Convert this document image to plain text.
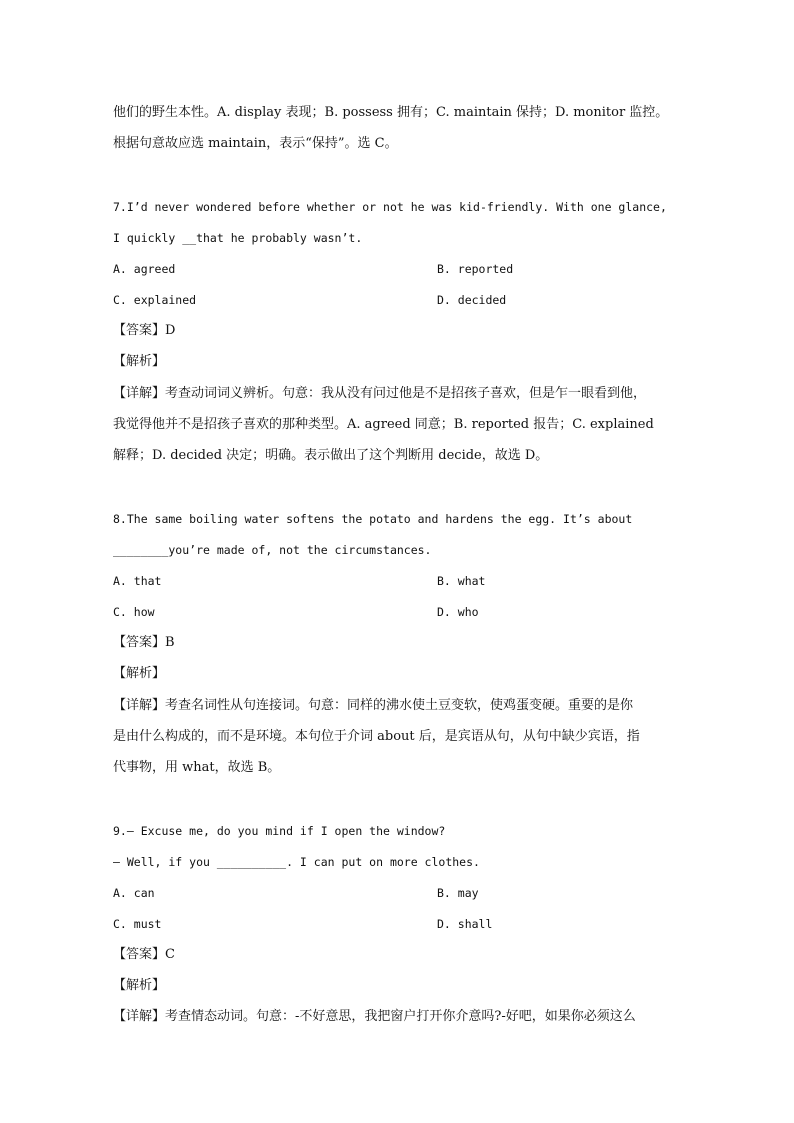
他们的野生本性。A. display 表现；B. possess 拥有；C. maintain 保持；D. monitor 监控。
根据句意故应选 maintain，表示“保持”。选 C。
7.I’d never wondered before whether or not he was kid-friendly. With one glance,
I quickly __that he probably wasn’t.
A. agreed	B. reported
C. explained	D. decided
【答案】D
【解析】
【详解】考查动词词义辨析。句意：我从没有问过他是不是招孩子喜欢，但是乍一眼看到他，
我觉得他并不是招孩子喜欢的那种类型。A. agreed 同意；B. reported 报告；C. explained
解释；D. decided 决定；明确。表示做出了这个判断用 decide，故选 D。
8.The same boiling water softens the potato and hardens the egg. It’s about
________you’re made of, not the circumstances.
A. that	B. what
C. how	D. who
【答案】B
【解析】
【详解】考查名词性从句连接词。句意：同样的沸水使土豆变软，使鸡蛋变硬。重要的是你
是由什么构成的，而不是环境。本句位于介词 about 后，是宾语从句，从句中缺少宾语，指
代事物，用 what，故选 B。
9.— Excuse me, do you mind if I open the window?
— Well, if you __________. I can put on more clothes.
A. can	B. may
C. must	D. shall
【答案】C
【解析】
【详解】考查情态动词。句意：-不好意思，我把窗户打开你介意吗?-好吧，如果你必须这么
